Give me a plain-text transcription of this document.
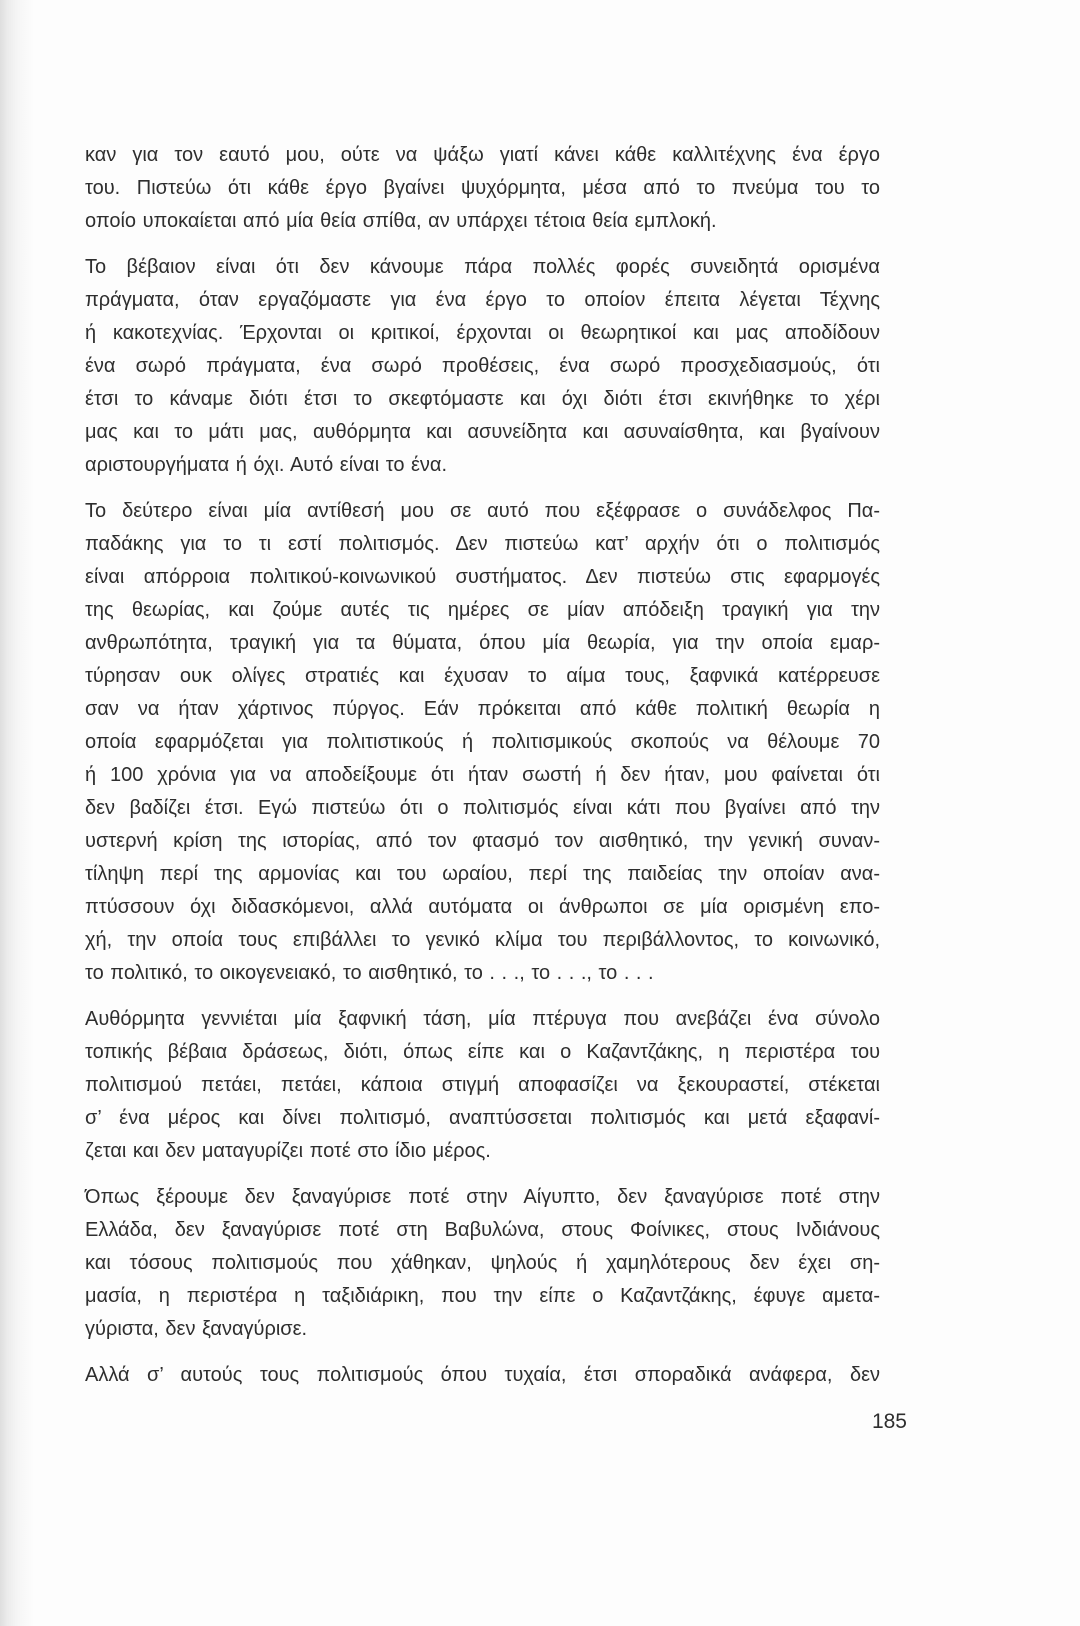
καν για τον εαυτό μου, ούτε να ψάξω γιατί κάνει κάθε καλλιτέχνης ένα έργο
του. Πιστεύω ότι κάθε έργο βγαίνει ψυχόρμητα, μέσα από το πνεύμα του το
οποίο υποκαίεται από μία θεία σπίθα, αν υπάρχει τέτοια θεία εμπλοκή.

Το βέβαιον είναι ότι δεν κάνουμε πάρα πολλές φορές συνειδητά ορισμένα
πράγματα, όταν εργαζόμαστε για ένα έργο το οποίον έπειτα λέγεται Τέχνης
ή κακοτεχνίας. Έρχονται οι κριτικοί, έρχονται οι θεωρητικοί και μας αποδίδουν
ένα σωρό πράγματα, ένα σωρό προθέσεις, ένα σωρό προσχεδιασμούς, ότι
έτσι το κάναμε διότι έτσι το σκεφτόμαστε και όχι διότι έτσι εκινήθηκε το χέρι
μας και το μάτι μας, αυθόρμητα και ασυνείδητα και ασυναίσθητα, και βγαίνουν
αριστουργήματα ή όχι. Αυτό είναι το ένα.

Το δεύτερο είναι μία αντίθεσή μου σε αυτό που εξέφρασε ο συνάδελφος Πα-
παδάκης για το τι εστί πολιτισμός. Δεν πιστεύω κατ’ αρχήν ότι ο πολιτισμός
είναι απόρροια πολιτικού-κοινωνικού συστήματος. Δεν πιστεύω στις εφαρμογές
της θεωρίας, και ζούμε αυτές τις ημέρες σε μίαν απόδειξη τραγική για την
ανθρωπότητα, τραγική για τα θύματα, όπου μία θεωρία, για την οποία εμαρ-
τύρησαν ουκ ολίγες στρατιές και έχυσαν το αίμα τους, ξαφνικά κατέρρευσε
σαν να ήταν χάρτινος πύργος. Εάν πρόκειται από κάθε πολιτική θεωρία η
οποία εφαρμόζεται για πολιτιστικούς ή πολιτισμικούς σκοπούς να θέλουμε 70
ή 100 χρόνια για να αποδείξουμε ότι ήταν σωστή ή δεν ήταν, μου φαίνεται ότι
δεν βαδίζει έτσι. Εγώ πιστεύω ότι ο πολιτισμός είναι κάτι που βγαίνει από την
υστερνή κρίση της ιστορίας, από τον φτασμό τον αισθητικό, την γενική συναν-
τίληψη περί της αρμονίας και του ωραίου, περί της παιδείας την οποίαν ανα-
πτύσσουν όχι διδασκόμενοι, αλλά αυτόματα οι άνθρωποι σε μία ορισμένη επο-
χή, την οποία τους επιβάλλει το γενικό κλίμα του περιβάλλοντος, το κοινωνικό,
το πολιτικό, το οικογενειακό, το αισθητικό, το . . ., το . . ., το . . .

Αυθόρμητα γεννιέται μία ξαφνική τάση, μία πτέρυγα που ανεβάζει ένα σύνολο
τοπικής βέβαια δράσεως, διότι, όπως είπε και ο Καζαντζάκης, η περιστέρα του
πολιτισμού πετάει, πετάει, κάποια στιγμή αποφασίζει να ξεκουραστεί, στέκεται
σ’ ένα μέρος και δίνει πολιτισμό, αναπτύσσεται πολιτισμός και μετά εξαφανί-
ζεται και δεν ματαγυρίζει ποτέ στο ίδιο μέρος.

Όπως ξέρουμε δεν ξαναγύρισε ποτέ στην Αίγυπτο, δεν ξαναγύρισε ποτέ στην
Ελλάδα, δεν ξαναγύρισε ποτέ στη Βαβυλώνα, στους Φοίνικες, στους Ινδιάνους
και τόσους πολιτισμούς που χάθηκαν, ψηλούς ή χαμηλότερους δεν έχει ση-
μασία, η περιστέρα η ταξιδιάρικη, που την είπε ο Καζαντζάκης, έφυγε αμετα-
γύριστα, δεν ξαναγύρισε.

Αλλά σ’ αυτούς τους πολιτισμούς όπου τυχαία, έτσι σποραδικά ανάφερα, δεν

185
